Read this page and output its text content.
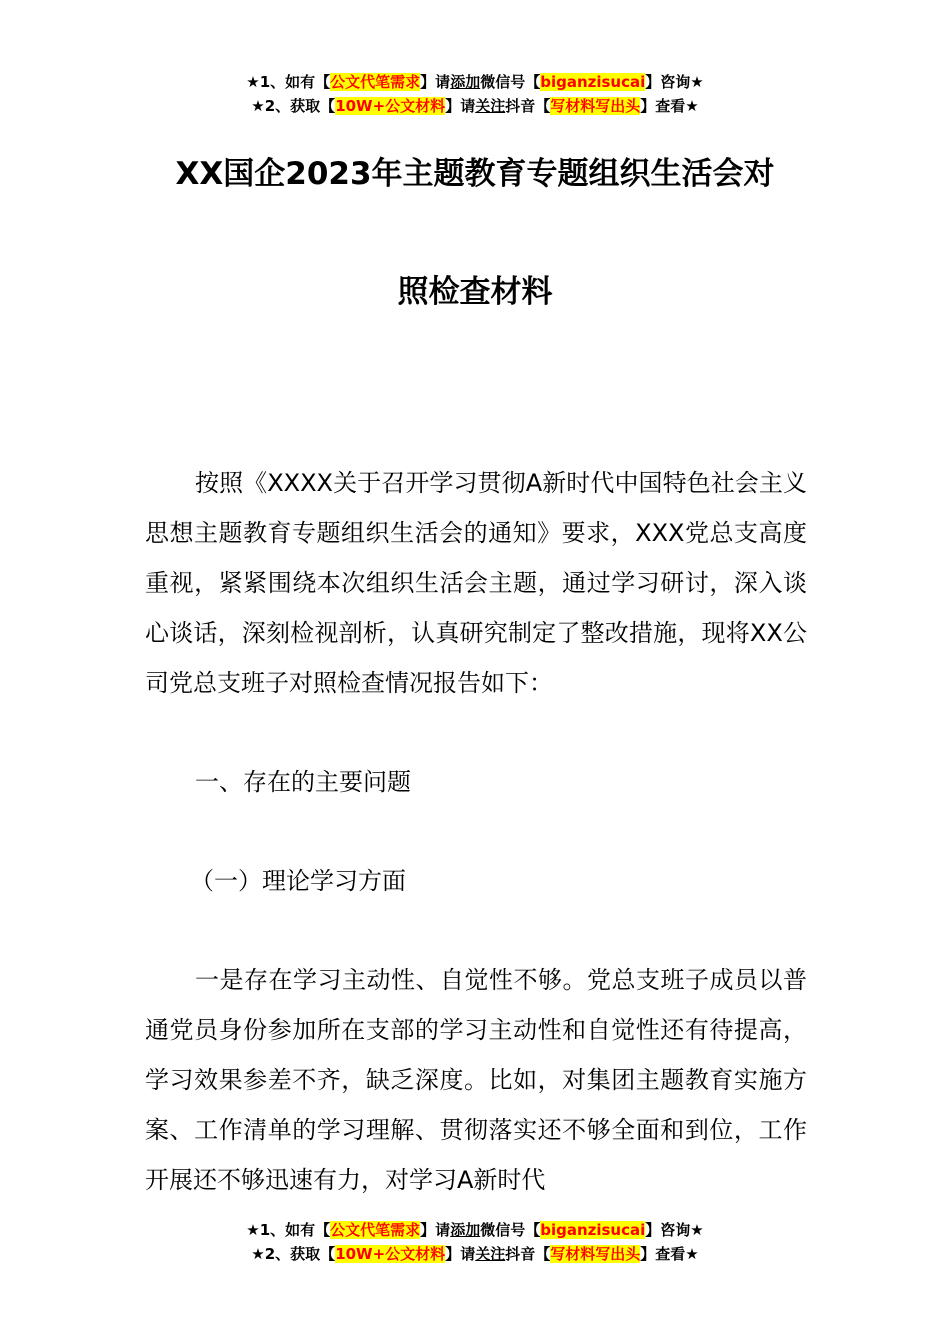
★1、如有【公文代笔需求】请添加微信号【biganzisucai】咨询★
★2、获取【10W+公文材料】请关注抖音【写材料写出头】查看★
XX国企2023年主题教育专题组织生活会对
照检查材料

按照《XXXX关于召开学习贯彻A新时代中国特色社会主义思想主题教育专题组织生活会的通知》要求，XXX党总支高度重视，紧紧围绕本次组织生活会主题，通过学习研讨，深入谈心谈话，深刻检视剖析，认真研究制定了整改措施，现将XX公司党总支班子对照检查情况报告如下：

一、存在的主要问题

（一）理论学习方面

一是存在学习主动性、自觉性不够。党总支班子成员以普通党员身份参加所在支部的学习主动性和自觉性还有待提高，学习效果参差不齐，缺乏深度。比如，对集团主题教育实施方案、工作清单的学习理解、贯彻落实还不够全面和到位，工作开展还不够迅速有力，对学习A新时代

★1、如有【公文代笔需求】请添加微信号【biganzisucai】咨询★
★2、获取【10W+公文材料】请关注抖音【写材料写出头】查看★
